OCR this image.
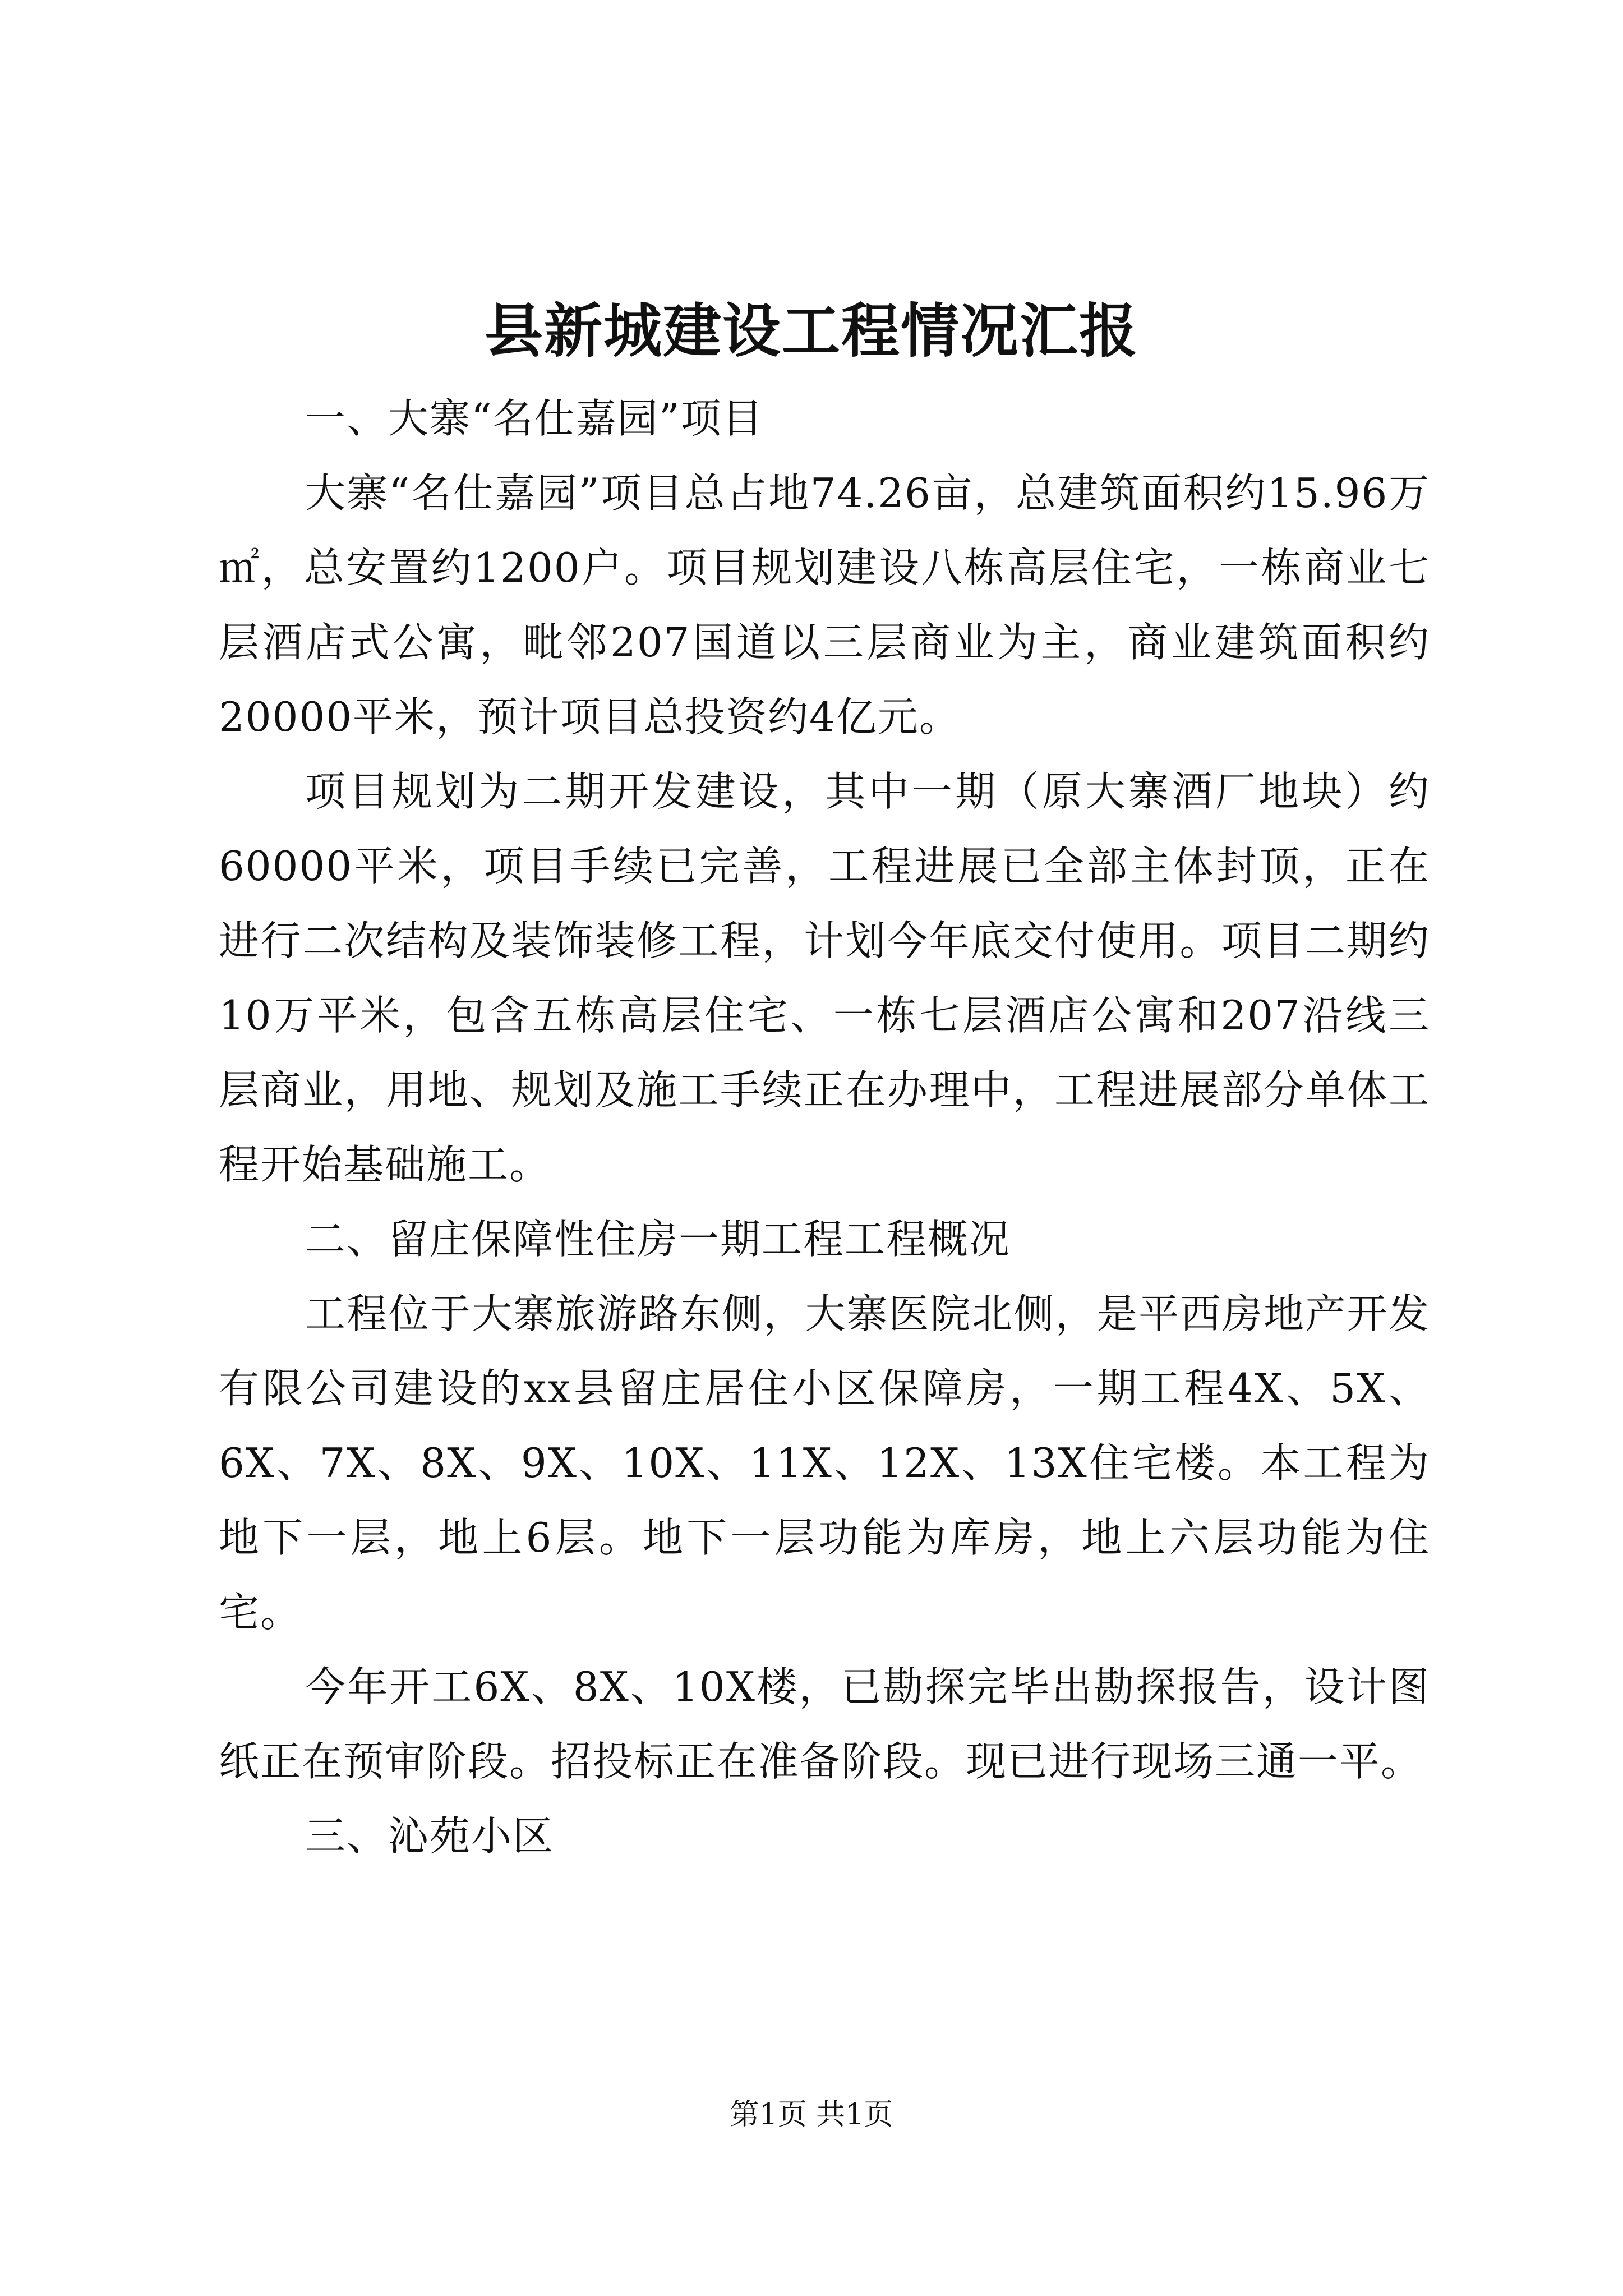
县新城建设工程情况汇报

一、大寨“名仕嘉园”项目

大寨“名仕嘉园”项目总占地74.26亩，总建筑面积约15.96万㎡，总安置约1200户。项目规划建设八栋高层住宅，一栋商业七层酒店式公寓，毗邻207国道以三层商业为主，商业建筑面积约20000平米，预计项目总投资约4亿元。

项目规划为二期开发建设，其中一期（原大寨酒厂地块）约60000平米，项目手续已完善，工程进展已全部主体封顶，正在进行二次结构及装饰装修工程，计划今年底交付使用。项目二期约10万平米，包含五栋高层住宅、一栋七层酒店公寓和207沿线三层商业，用地、规划及施工手续正在办理中，工程进展部分单体工程开始基础施工。

二、留庄保障性住房一期工程工程概况

工程位于大寨旅游路东侧，大寨医院北侧，是平西房地产开发有限公司建设的xx县留庄居住小区保障房，一期工程4X、5X、6X、7X、8X、9X、10X、11X、12X、13X住宅楼。本工程为地下一层，地上6层。地下一层功能为库房，地上六层功能为住宅。

今年开工6X、8X、10X楼，已勘探完毕出勘探报告，设计图纸正在预审阶段。招投标正在准备阶段。现已进行现场三通一平。

三、沁苑小区

第1页 共1页
